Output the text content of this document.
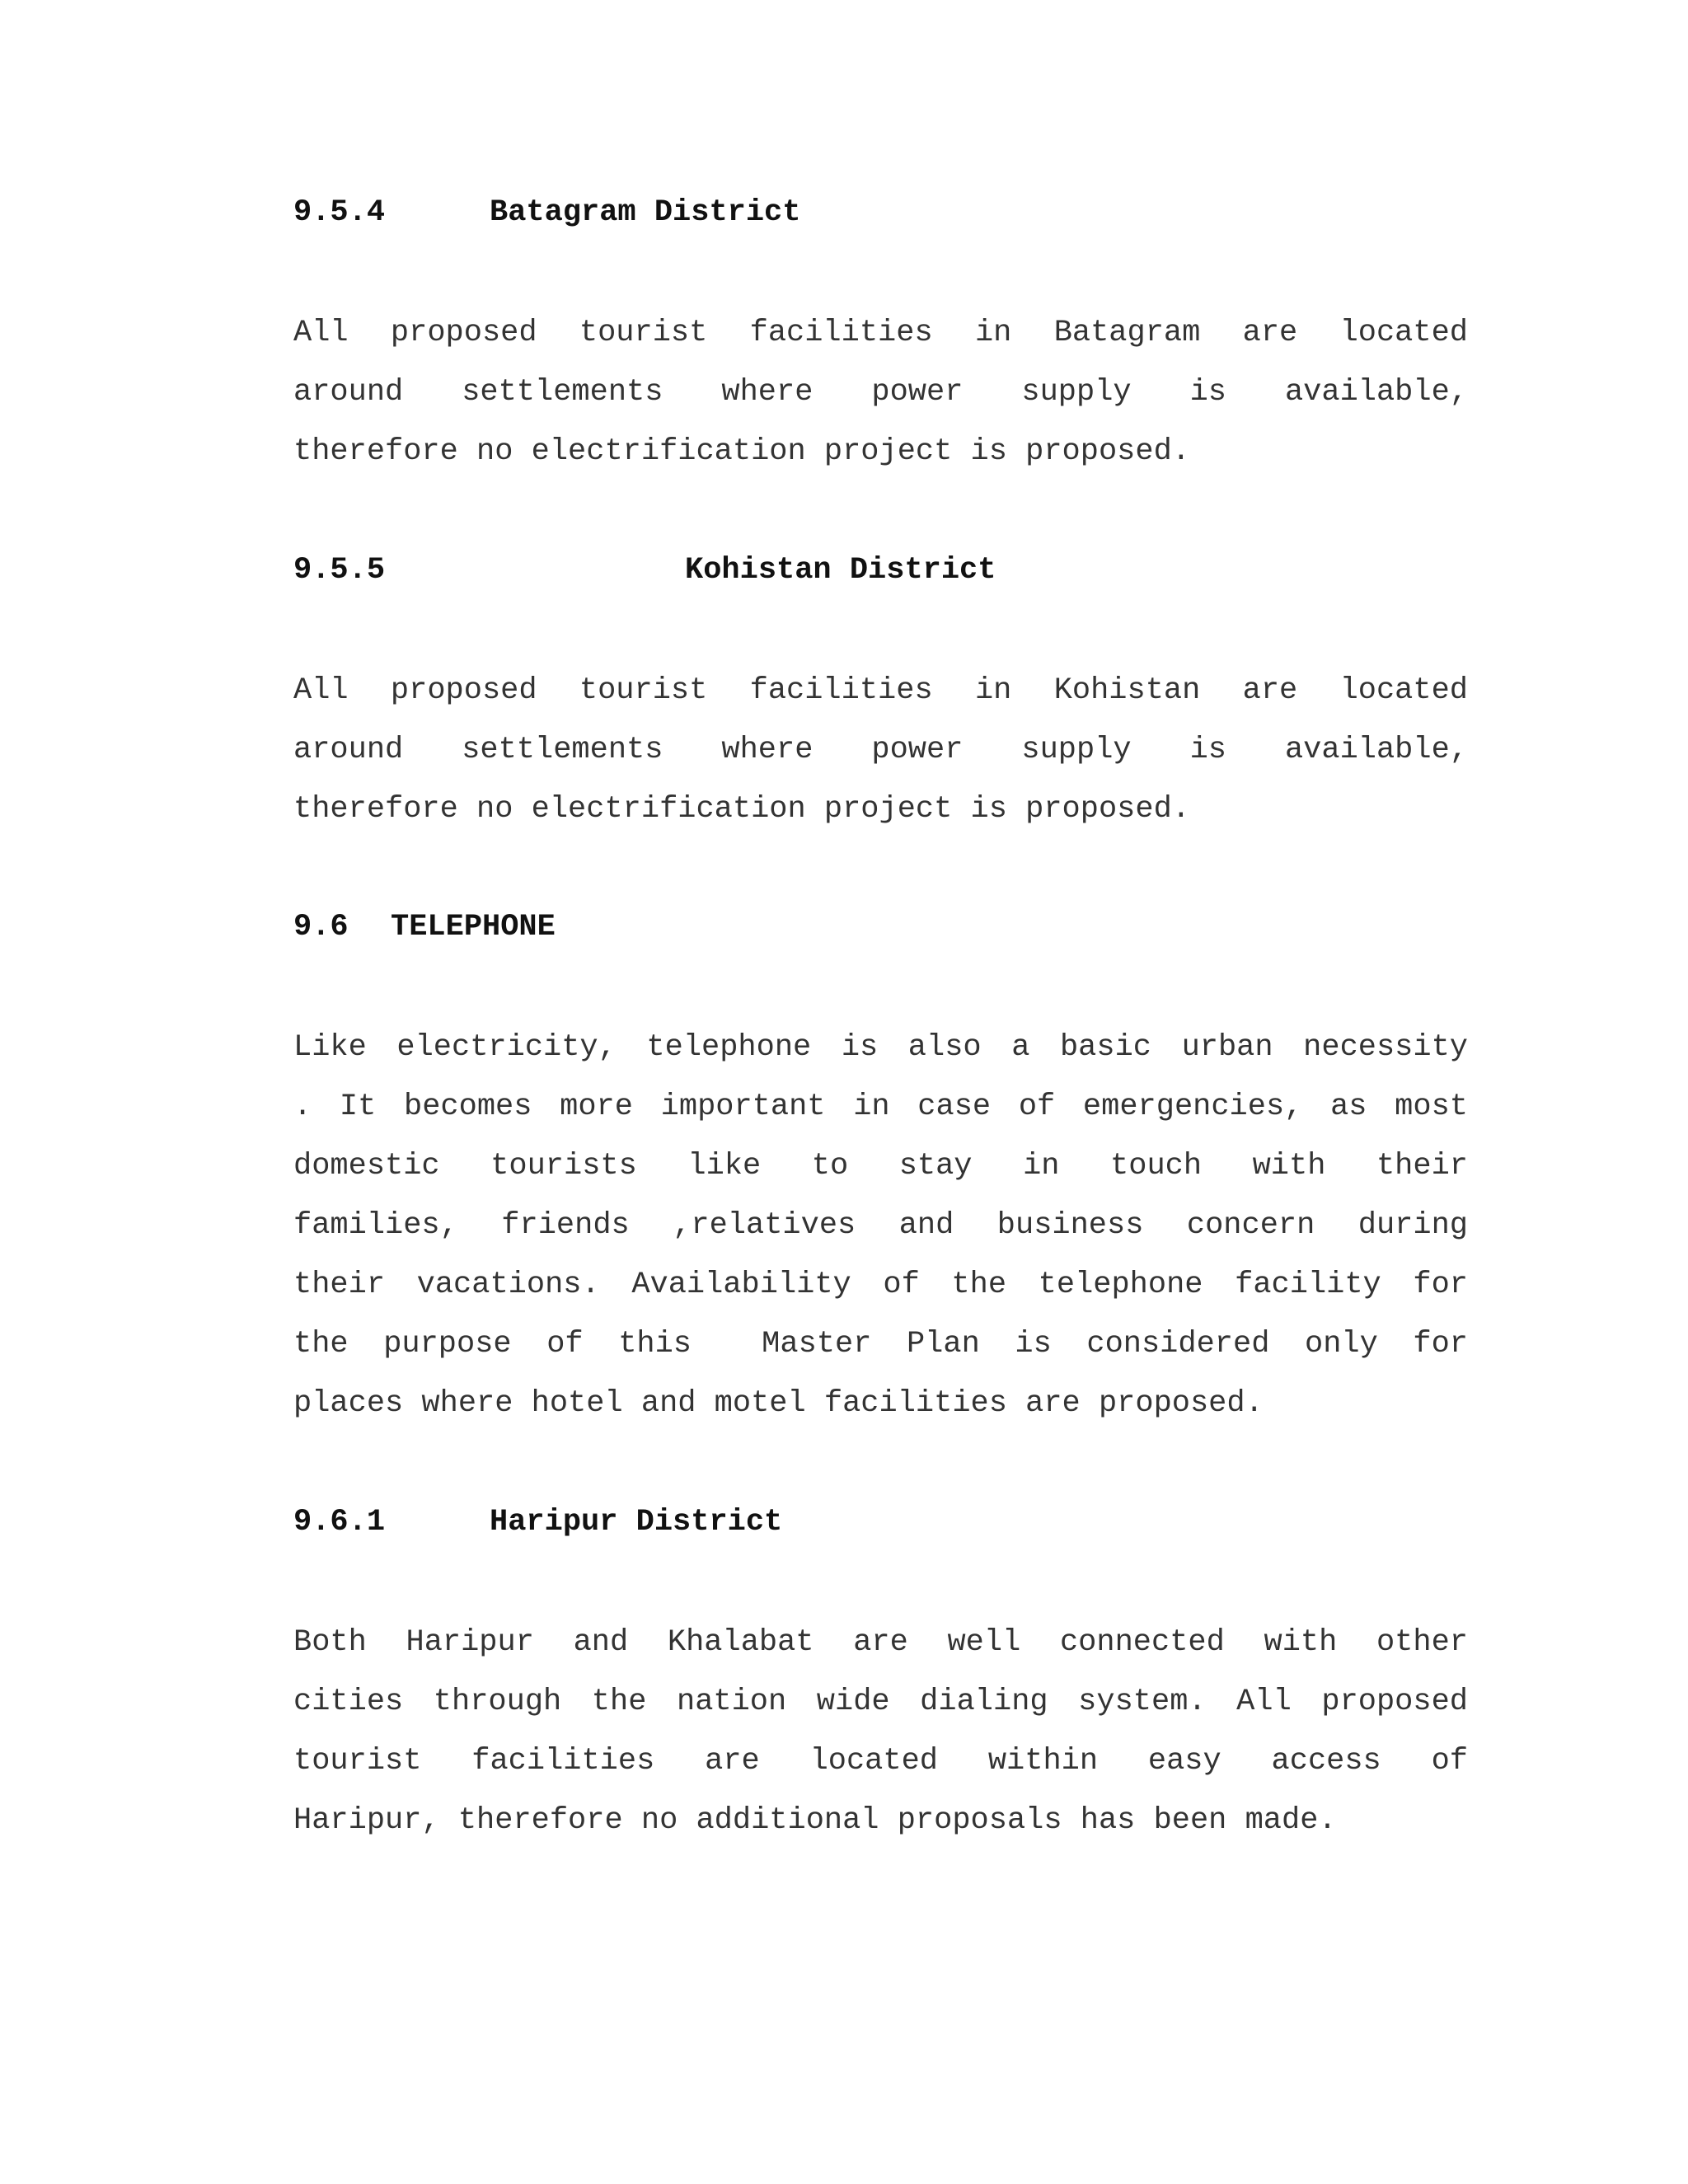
9.5.4

	Batagram District

All proposed tourist facilities in Batagram are located
around settlements where power supply is available,
therefore no electrification project is proposed.

9.5.5

	Kohistan District

All proposed tourist facilities in Kohistan are located
around settlements where power supply is available,
therefore no electrification project is proposed.

9.6

TELEPHONE

Like electricity, telephone is also a basic urban necessity
. It becomes more important in case of emergencies, as most
domestic tourists like to stay in touch with their
families, friends ,relatives and business concern during
their vacations. Availability of the telephone facility for
the purpose of this  Master Plan is considered only for
places where hotel and motel facilities are proposed.

9.6.1

	Haripur District

Both Haripur and Khalabat are well connected with other
cities through the nation wide dialing system. All proposed
tourist facilities are located within easy access of
Haripur, therefore no additional proposals has been made.
